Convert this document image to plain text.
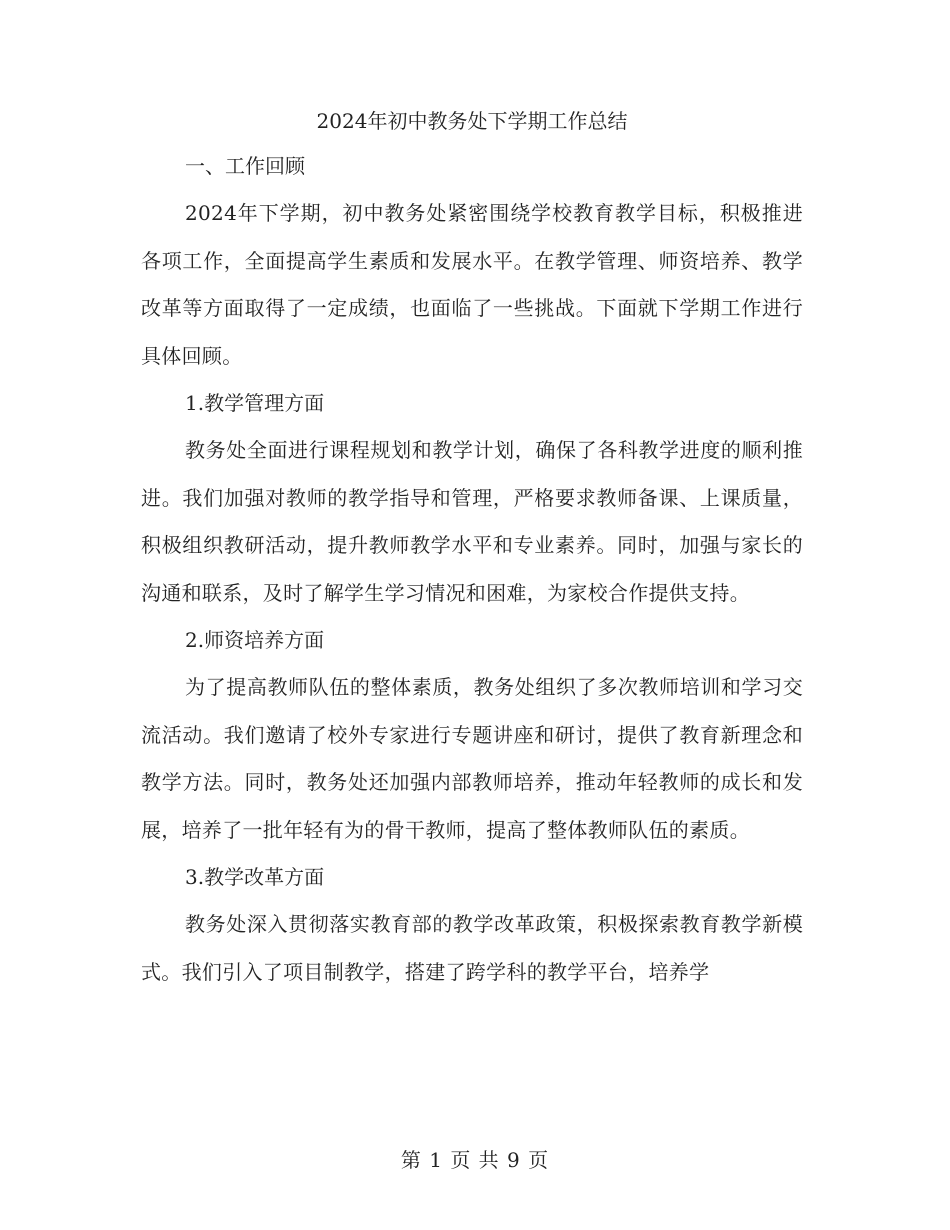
2024年初中教务处下学期工作总结

一、工作回顾

2024年下学期，初中教务处紧密围绕学校教育教学目标，积极推进各项工作，全面提高学生素质和发展水平。在教学管理、师资培养、教学改革等方面取得了一定成绩，也面临了一些挑战。下面就下学期工作进行具体回顾。

1.教学管理方面

教务处全面进行课程规划和教学计划，确保了各科教学进度的顺利推进。我们加强对教师的教学指导和管理，严格要求教师备课、上课质量，积极组织教研活动，提升教师教学水平和专业素养。同时，加强与家长的沟通和联系，及时了解学生学习情况和困难，为家校合作提供支持。

2.师资培养方面

为了提高教师队伍的整体素质，教务处组织了多次教师培训和学习交流活动。我们邀请了校外专家进行专题讲座和研讨，提供了教育新理念和教学方法。同时，教务处还加强内部教师培养，推动年轻教师的成长和发展，培养了一批年轻有为的骨干教师，提高了整体教师队伍的素质。

3.教学改革方面

教务处深入贯彻落实教育部的教学改革政策，积极探索教育教学新模式。我们引入了项目制教学，搭建了跨学科的教学平台，培养学

第 1 页 共 9 页
